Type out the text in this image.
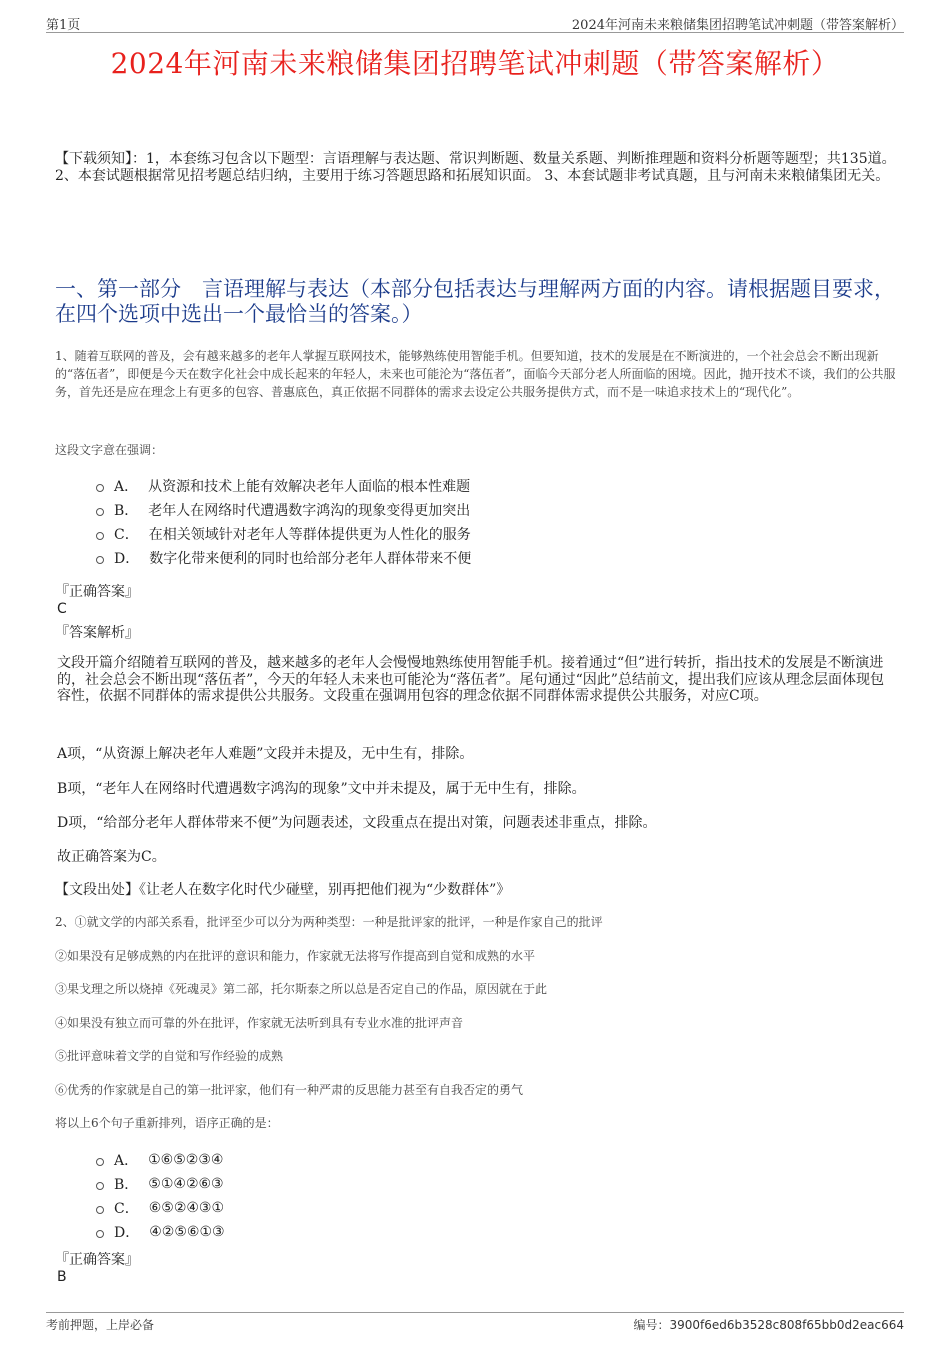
第1页	2024年河南未来粮储集团招聘笔试冲刺题（带答案解析）
2024年河南未来粮储集团招聘笔试冲刺题（带答案解析）
【下载须知】：1，本套练习包含以下题型：言语理解与表达题、常识判断题、数量关系题、判断推理题和资料分析题等题型；共135道。 2、本套试题根据常见招考题总结归纳，主要用于练习答题思路和拓展知识面。 3、本套试题非考试真题，且与河南未来粮储集团无关。
一、第一部分　言语理解与表达（本部分包括表达与理解两方面的内容。请根据题目要求，在四个选项中选出一个最恰当的答案。）
1、随着互联网的普及，会有越来越多的老年人掌握互联网技术，能够熟练使用智能手机。但要知道，技术的发展是在不断演进的，一个社会总会不断出现新的“落伍者”，即便是今天在数字化社会中成长起来的年轻人，未来也可能沦为“落伍者”，面临今天部分老人所面临的困境。因此，抛开技术不谈，我们的公共服务，首先还是应在理念上有更多的包容、普惠底色，真正依据不同群体的需求去设定公共服务提供方式，而不是一味追求技术上的“现代化”。
这段文字意在强调：
A． 从资源和技术上能有效解决老年人面临的根本性难题
B． 老年人在网络时代遭遇数字鸿沟的现象变得更加突出
C． 在相关领域针对老年人等群体提供更为人性化的服务
D． 数字化带来便利的同时也给部分老年人群体带来不便
『正确答案』
C
『答案解析』
文段开篇介绍随着互联网的普及，越来越多的老年人会慢慢地熟练使用智能手机。接着通过“但”进行转折，指出技术的发展是不断演进的，社会总会不断出现“落伍者”，今天的年轻人未来也可能沦为“落伍者”。尾句通过“因此”总结前文，提出我们应该从理念层面体现包容性，依据不同群体的需求提供公共服务。文段重在强调用包容的理念依据不同群体需求提供公共服务，对应C项。
A项，“从资源上解决老年人难题”文段并未提及，无中生有，排除。
B项，“老年人在网络时代遭遇数字鸿沟的现象”文中并未提及，属于无中生有，排除。
D项，“给部分老年人群体带来不便”为问题表述，文段重点在提出对策，问题表述非重点，排除。
故正确答案为C。
【文段出处】《让老人在数字化时代少碰壁，别再把他们视为“少数群体”》
2、①就文学的内部关系看，批评至少可以分为两种类型：一种是批评家的批评，一种是作家自己的批评
②如果没有足够成熟的内在批评的意识和能力，作家就无法将写作提高到自觉和成熟的水平
③果戈理之所以烧掉《死魂灵》第二部，托尔斯泰之所以总是否定自己的作品，原因就在于此
④如果没有独立而可靠的外在批评，作家就无法听到具有专业水准的批评声音
⑤批评意味着文学的自觉和写作经验的成熟
⑥优秀的作家就是自己的第一批评家，他们有一种严肃的反思能力甚至有自我否定的勇气
将以上6个句子重新排列，语序正确的是：
A． ①⑥⑤②③④
B． ⑤①④②⑥③
C． ⑥⑤②④③①
D． ④②⑤⑥①③
『正确答案』
B
考前押题，上岸必备	编号：3900f6ed6b3528c808f65bb0d2eac664
